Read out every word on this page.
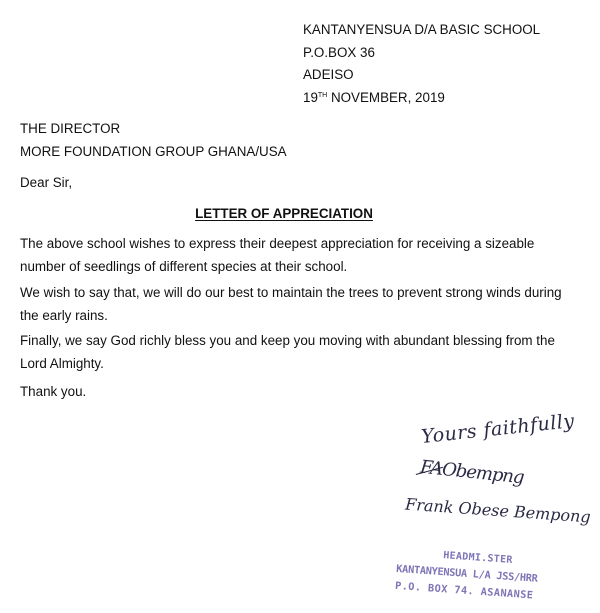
KANTANYENSUA D/A BASIC SCHOOL
P.O.BOX 36
ADEISO
19TH NOVEMBER, 2019
THE DIRECTOR
MORE FOUNDATION GROUP GHANA/USA
Dear Sir,
LETTER OF APPRECIATION
The above school wishes to express their deepest appreciation for receiving a sizeable number of seedlings of different species at their school.
We wish to say that, we will do our best to maintain the trees to prevent strong winds during the early rains.
Finally, we say God richly bless you and keep you moving with abundant blessing from the Lord Almighty.
Thank you.
Yours faithfully
FAObempng
Frank Obese Bempong
HEADMI.STER
KANTANYENSUA L/A JSS/HRR
P.O. BOX 74. ASANANSE
